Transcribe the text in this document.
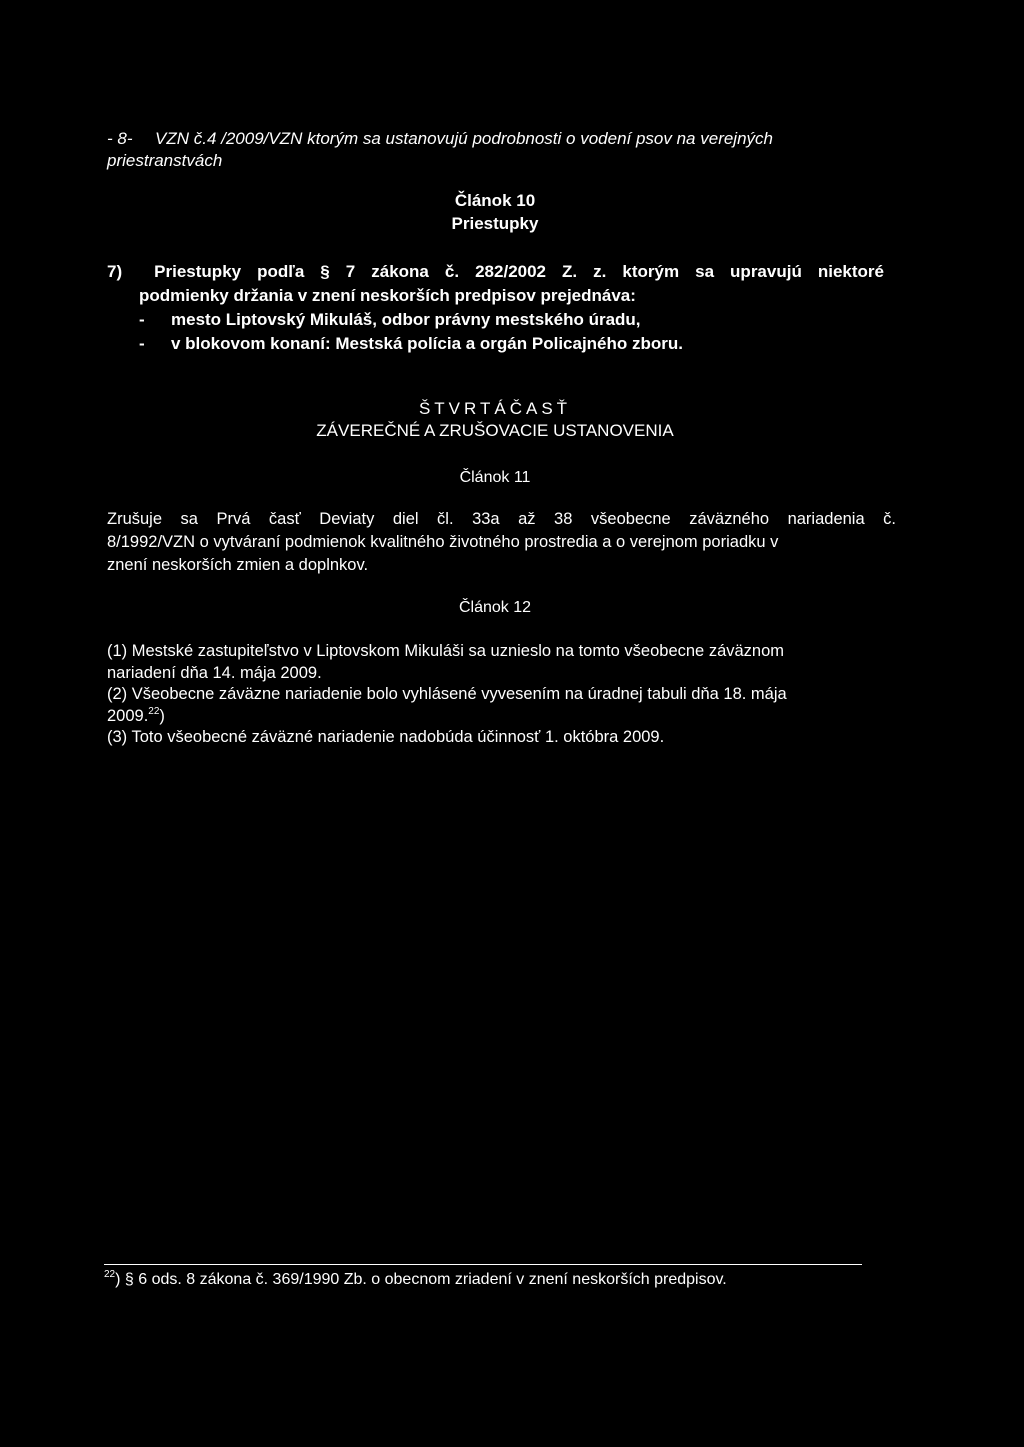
- 8- VZN č.4 /2009/VZN ktorým sa ustanovujú podrobnosti o vodení psov na verejných
priestranstvách
Článok 10
Priestupky
7) Priestupky podľa § 7 zákona č. 282/2002 Z. z. ktorým sa upravujú niektoré
podmienky držania v znení neskorších predpisov prejednáva:
-	mesto Liptovský Mikuláš, odbor právny mestského úradu,
-	v blokovom konaní: Mestská polícia a orgán Policajného zboru.
ŠTVRTÁČASŤ
ZÁVEREČNÉ A ZRUŠOVACIE USTANOVENIA
Článok 11
Zrušuje sa Prvá časť Deviaty diel čl. 33a až 38 všeobecne záväzného nariadenia č.
8/1992/VZN o vytváraní podmienok kvalitného životného prostredia a o verejnom poriadku v
znení neskorších zmien a doplnkov.
Článok 12
(1) Mestské zastupiteľstvo v Liptovskom Mikuláši sa uznieslo na tomto všeobecne záväznom
nariadení dňa 14. mája 2009.
(2) Všeobecne záväzne nariadenie bolo vyhlásené vyvesením na úradnej tabuli dňa 18. mája
2009.22)
(3) Toto všeobecné záväzné nariadenie nadobúda účinnosť 1. októbra 2009.
$^{22}$) § 6 ods. 8 zákona č. 369/1990 Zb. o obecnom zriadení v znení neskorších predpisov.
